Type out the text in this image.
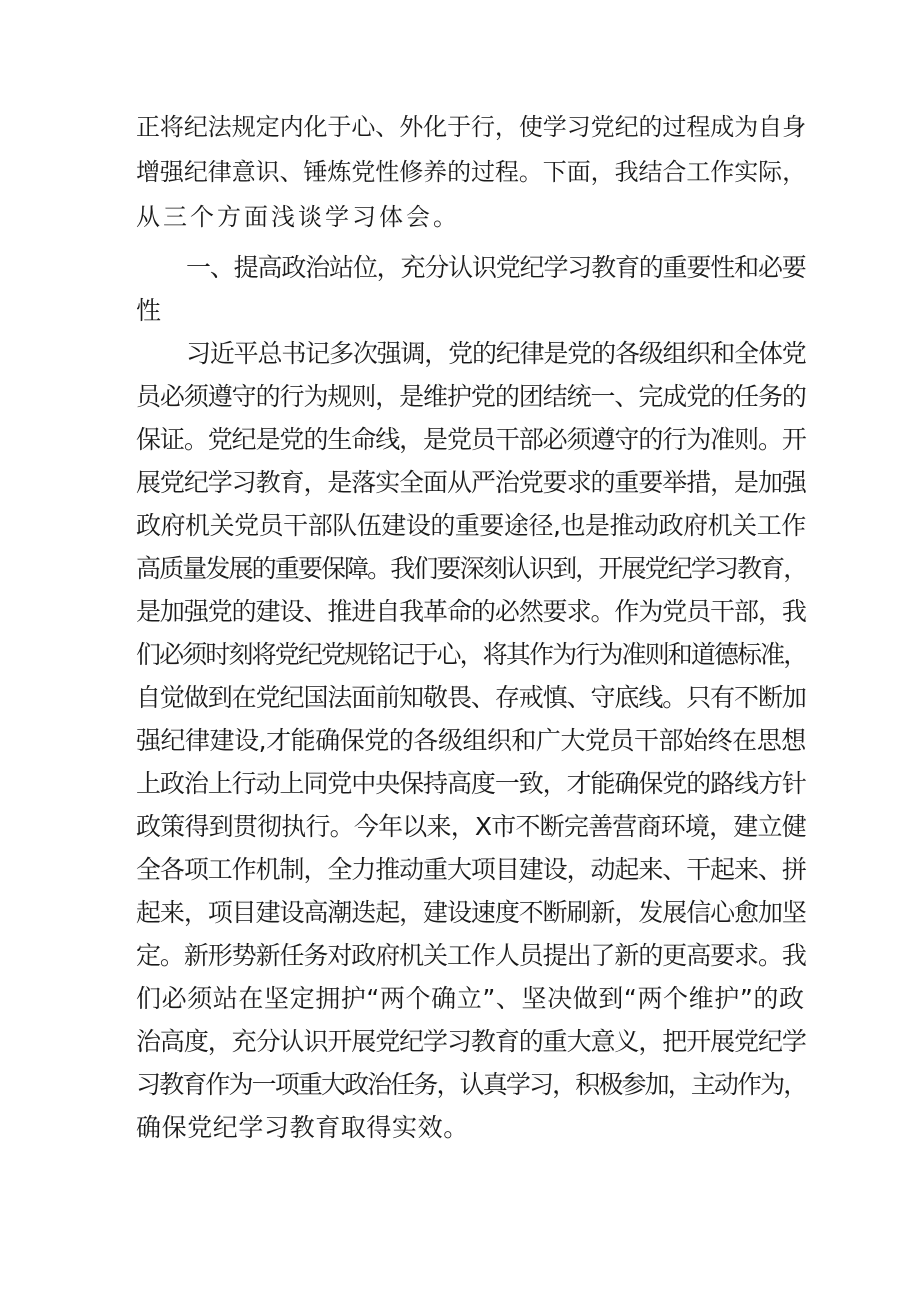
正将纪法规定内化于心、外化于行，使学习党纪的过程成为自身
增强纪律意识、锤炼党性修养的过程。下面，我结合工作实际，
从三个方面浅谈学习体会。
一、提高政治站位，充分认识党纪学习教育的重要性和必要
性
习近平总书记多次强调，党的纪律是党的各级组织和全体党
员必须遵守的行为规则，是维护党的团结统一、完成党的任务的
保证。党纪是党的生命线，是党员干部必须遵守的行为准则。开
展党纪学习教育，是落实全面从严治党要求的重要举措，是加强
政府机关党员干部队伍建设的重要途径,也是推动政府机关工作
高质量发展的重要保障。我们要深刻认识到，开展党纪学习教育，
是加强党的建设、推进自我革命的必然要求。作为党员干部，我
们必须时刻将党纪党规铭记于心，将其作为行为准则和道德标准，
自觉做到在党纪国法面前知敬畏、存戒慎、守底线。只有不断加
强纪律建设,才能确保党的各级组织和广大党员干部始终在思想
上政治上行动上同党中央保持高度一致，才能确保党的路线方针
政策得到贯彻执行。今年以来，X市不断完善营商环境，建立健
全各项工作机制，全力推动重大项目建设，动起来、干起来、拼
起来，项目建设高潮迭起，建设速度不断刷新，发展信心愈加坚
定。新形势新任务对政府机关工作人员提出了新的更高要求。我
们必须站在坚定拥护“两个确立”、坚决做到“两个维护”的政
治高度，充分认识开展党纪学习教育的重大意义，把开展党纪学
习教育作为一项重大政治任务，认真学习，积极参加，主动作为，
确保党纪学习教育取得实效。
